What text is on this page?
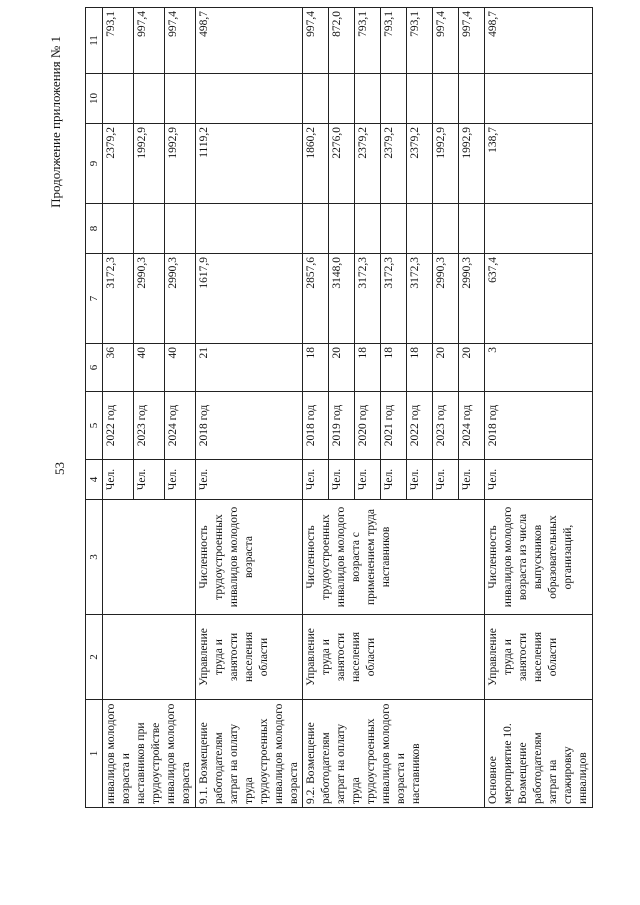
53
Продолжение приложения № 1
1	2	3	4	5	6	7	8	9	10	11
инвалидов молодого возраста и наставников при трудоустройстве инвалидов молодого возраста			Чел.	2022 год	36	3172,3		2379,2		793,1
			Чел.	2023 год	40	2990,3		1992,9		997,4
			Чел.	2024 год	40	2990,3		1992,9		997,4
9.1. Возмещение работодателям затрат на оплату труда трудоустроенных инвалидов молодого возраста	Управление труда и занятости населения области	Численность трудоустроенных инвалидов молодого возраста	Чел.	2018 год	21	1617,9		1119,2		498,7
9.2. Возмещение работодателям затрат на оплату труда трудоустроенных инвалидов молодого возраста и наставников	Управление труда и занятости населения области	Численность трудоустроенных инвалидов молодого возраста с применением труда наставников	Чел.	2018 год	18	2857,6		1860,2		997,4
			Чел.	2019 год	20	3148,0		2276,0		872,0
			Чел.	2020 год	18	3172,3		2379,2		793,1
			Чел.	2021 год	18	3172,3		2379,2		793,1
			Чел.	2022 год	18	3172,3		2379,2		793,1
			Чел.	2023 год	20	2990,3		1992,9		997,4
			Чел.	2024 год	20	2990,3		1992,9		997,4
Основное мероприятие 10. Возмещение работодателям затрат на стажировку инвалидов	Управление труда и занятости населения области	Численность инвалидов молодого возраста из числа выпускников образовательных организаций,	Чел.	2018 год	3	637,4		138,7		498,7
